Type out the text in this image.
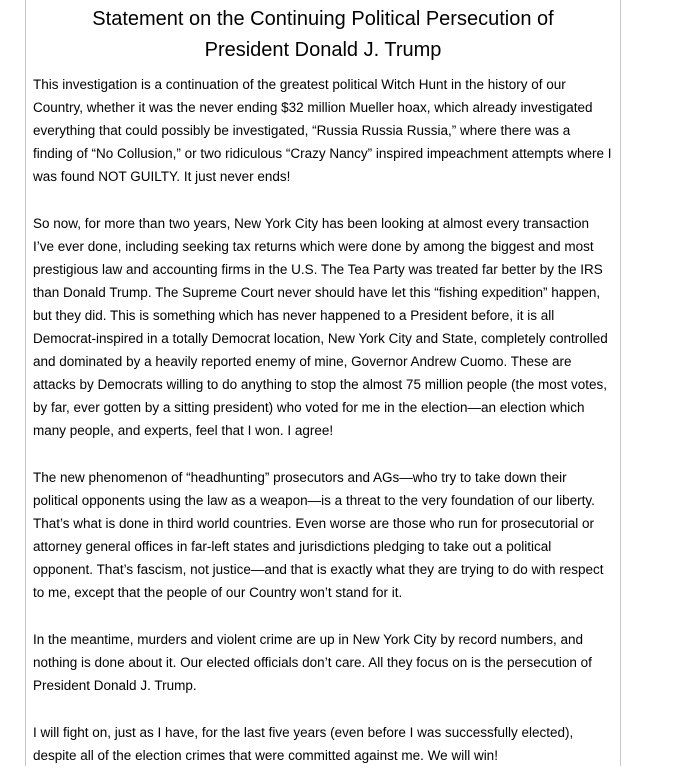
Statement on the Continuing Political Persecution of
President Donald J. Trump

This investigation is a continuation of the greatest political Witch Hunt in the history of our Country, whether it was the never ending $32 million Mueller hoax, which already investigated everything that could possibly be investigated, “Russia Russia Russia,” where there was a finding of “No Collusion,” or two ridiculous “Crazy Nancy” inspired impeachment attempts where I was found NOT GUILTY. It just never ends!

So now, for more than two years, New York City has been looking at almost every transaction I’ve ever done, including seeking tax returns which were done by among the biggest and most prestigious law and accounting firms in the U.S. The Tea Party was treated far better by the IRS than Donald Trump. The Supreme Court never should have let this “fishing expedition” happen, but they did. This is something which has never happened to a President before, it is all Democrat-inspired in a totally Democrat location, New York City and State, completely controlled and dominated by a heavily reported enemy of mine, Governor Andrew Cuomo. These are attacks by Democrats willing to do anything to stop the almost 75 million people (the most votes, by far, ever gotten by a sitting president) who voted for me in the election—an election which many people, and experts, feel that I won. I agree!

The new phenomenon of “headhunting” prosecutors and AGs—who try to take down their political opponents using the law as a weapon—is a threat to the very foundation of our liberty. That’s what is done in third world countries. Even worse are those who run for prosecutorial or attorney general offices in far-left states and jurisdictions pledging to take out a political opponent. That’s fascism, not justice—and that is exactly what they are trying to do with respect to me, except that the people of our Country won’t stand for it.

In the meantime, murders and violent crime are up in New York City by record numbers, and nothing is done about it. Our elected officials don’t care. All they focus on is the persecution of President Donald J. Trump.

I will fight on, just as I have, for the last five years (even before I was successfully elected), despite all of the election crimes that were committed against me. We will win!
